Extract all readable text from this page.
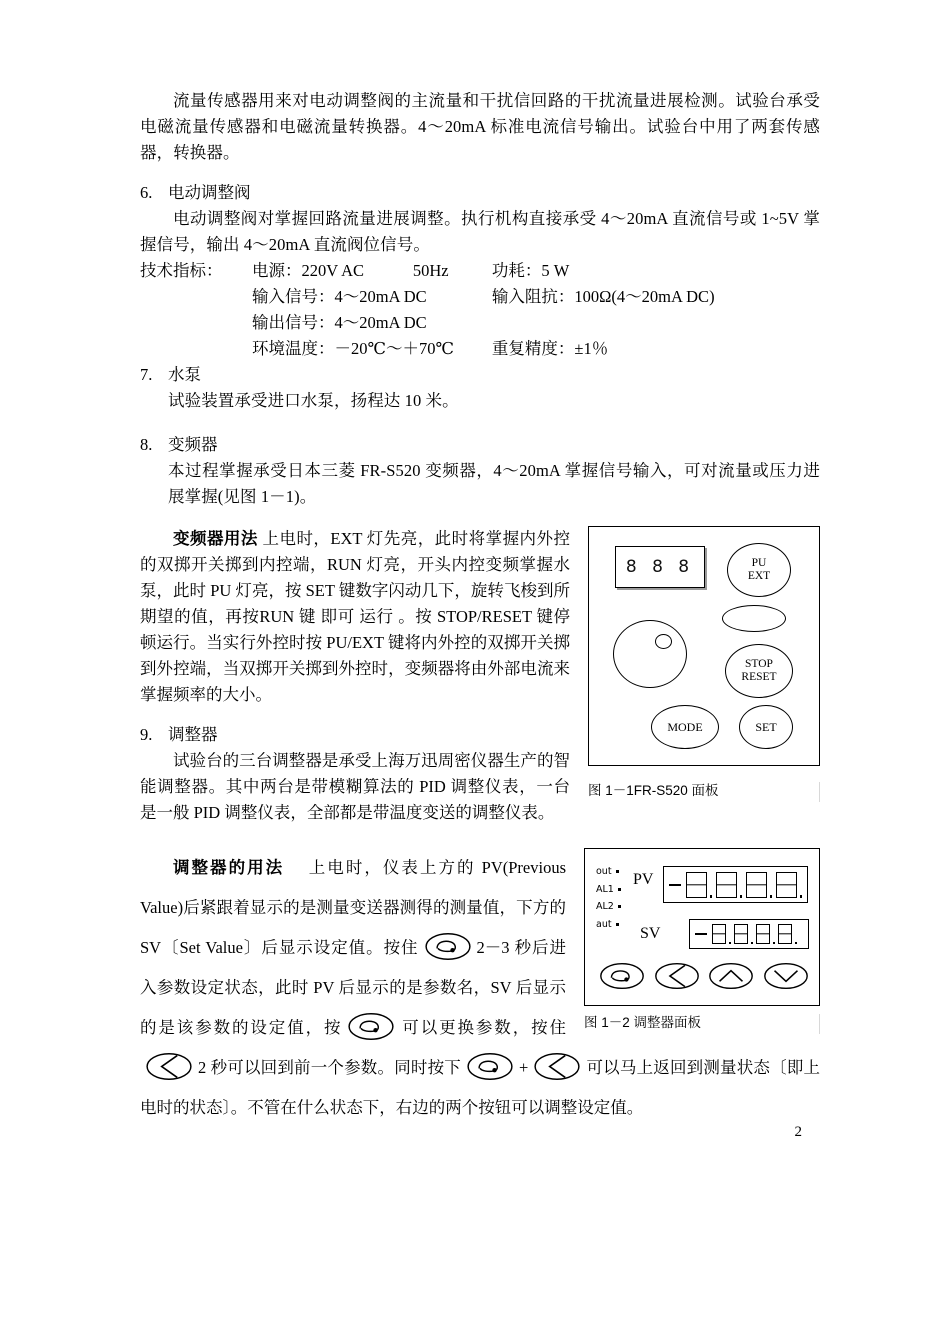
流量传感器用来对电动调整阀的主流量和干扰信回路的干扰流量进展检测。试验台承受电磁流量传感器和电磁流量转换器。4～20mA 标准电流信号输出。试验台中用了两套传感器，转换器。

6. 电动调整阀

电动调整阀对掌握回路流量进展调整。执行机构直接承受 4～20mA 直流信号或 1~5V 掌握信号，输出 4～20mA 直流阀位信号。

技术指标：	电源：220V AC	50Hz	功耗：5 W
	输入信号：4～20mA DC		输入阻抗：100Ω(4～20mA DC)
	输出信号：4～20mA DC		
	环境温度：－20℃～＋70℃		重复精度：±1％
7. 水泵

试验装置承受进口水泵，扬程达 10 米。

8. 变频器

本过程掌握承受日本三菱 FR-S520 变频器，4～20mA 掌握信号输入，可对流量或压力进展掌握(见图 1－1)。

8 8 8	PU
EXT
STOP
RESET
MODE	SET
图 1－1FR-S520 面板

变频器用法 上电时，EXT 灯先亮，此时将掌握内外控的双掷开关掷到内控端，RUN 灯亮，开头内控变频掌握水泵，此时 PU 灯亮，按 SET 键数字闪动几下，旋转飞梭到所期望的值，再按RUN 键 即可 运行 。按 STOP/RESET 键停顿运行。当实行外控时按 PU/EXT 键将内外控的双掷开关掷到外控端，当双掷开关掷到外控时，变频器将由外部电流来掌握频率的大小。

9. 调整器

试验台的三台调整器是承受上海万迅周密仪器生产的智能调整器。其中两台是带模糊算法的 PID 调整仪表，一台是一般 PID 调整仪表，全部都是带温度变送的调整仪表。

out
AL1
AL2
aut
PV
SV
图 1－2 调整器面板

调整器的用法 上电时，仪表上方的 PV(Previous Value)后紧跟着显示的是测量变送器测得的测量值，下方的 SV〔Set Value〕后显示设定值。按住	2－3 秒后进入参数设定状态，此时 PV 后显示的是参数名，SV 后显示的是该参数的设定值，按	可以更换参数，按住2 秒可以回到前一个参数。同时按下	+	可以马上返回到测量状态〔即上电时的状态〕。不管在什么状态下，右边的两个按钮可以调整设定值。

2
